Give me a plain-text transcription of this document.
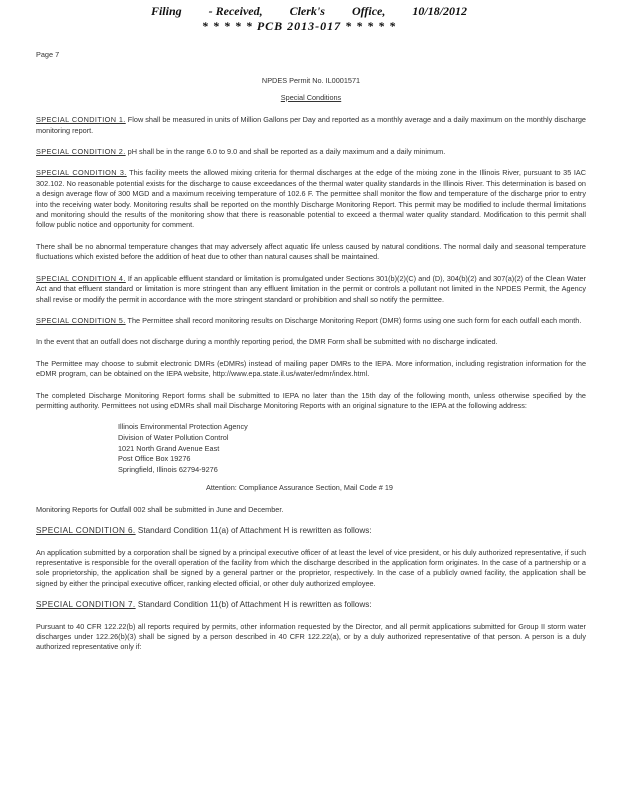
Filing - Received, Clerk's Office, 10/18/2012
* * * * * PCB 2013-017 * * * * *
Page 7
NPDES Permit No. IL0001571
Special Conditions

SPECIAL CONDITION 1. Flow shall be measured in units of Million Gallons per Day and reported as a monthly average and a daily maximum on the monthly discharge monitoring report.

SPECIAL CONDITION 2. pH shall be in the range 6.0 to 9.0 and shall be reported as a daily maximum and a daily minimum.

SPECIAL CONDITION 3. This facility meets the allowed mixing criteria for thermal discharges at the edge of the mixing zone in the Illinois River, pursuant to 35 IAC 302.102. No reasonable potential exists for the discharge to cause exceedances of the thermal water quality standards in the Illinois River. This determination is based on a design average flow of 300 MGD and a maximum receiving temperature of 102.6 F. The permittee shall monitor the flow and temperature of the discharge prior to entry into the receiving water body. Monitoring results shall be reported on the monthly Discharge Monitoring Report. This permit may be modified to include thermal limitations and monitoring should the results of the monitoring show that there is reasonable potential to exceed a thermal water quality standard. Modification to this permit shall follow public notice and opportunity for comment.

There shall be no abnormal temperature changes that may adversely affect aquatic life unless caused by natural conditions. The normal daily and seasonal temperature fluctuations which existed before the addition of heat due to other than natural causes shall be maintained.

SPECIAL CONDITION 4. If an applicable effluent standard or limitation is promulgated under Sections 301(b)(2)(C) and (D), 304(b)(2) and 307(a)(2) of the Clean Water Act and that effluent standard or limitation is more stringent than any effluent limitation in the permit or controls a pollutant not limited in the NPDES Permit, the Agency shall revise or modify the permit in accordance with the more stringent standard or prohibition and shall so notify the permittee.

SPECIAL CONDITION 5. The Permittee shall record monitoring results on Discharge Monitoring Report (DMR) forms using one such form for each outfall each month.

In the event that an outfall does not discharge during a monthly reporting period, the DMR Form shall be submitted with no discharge indicated.

The Permittee may choose to submit electronic DMRs (eDMRs) instead of mailing paper DMRs to the IEPA. More information, including registration information for the eDMR program, can be obtained on the IEPA website, http://www.epa.state.il.us/water/edmr/index.html.

The completed Discharge Monitoring Report forms shall be submitted to IEPA no later than the 15th day of the following month, unless otherwise specified by the permitting authority. Permittees not using eDMRs shall mail Discharge Monitoring Reports with an original signature to the IEPA at the following address:

Illinois Environmental Protection Agency
Division of Water Pollution Control
1021 North Grand Avenue East
Post Office Box 19276
Springfield, Illinois 62794-9276
Attention: Compliance Assurance Section, Mail Code # 19

Monitoring Reports for Outfall 002 shall be submitted in June and December.

SPECIAL CONDITION 6. Standard Condition 11(a) of Attachment H is rewritten as follows:

An application submitted by a corporation shall be signed by a principal executive officer of at least the level of vice president, or his duly authorized representative, if such representative is responsible for the overall operation of the facility from which the discharge described in the application form originates. In the case of a partnership or a sole proprietorship, the application shall be signed by a general partner or the proprietor, respectively. In the case of a publicly owned facility, the application shall be signed by either the principal executive officer, ranking elected official, or other duly authorized employee.

SPECIAL CONDITION 7. Standard Condition 11(b) of Attachment H is rewritten as follows:

Pursuant to 40 CFR 122.22(b) all reports required by permits, other information requested by the Director, and all permit applications submitted for Group II storm water discharges under 122.26(b)(3) shall be signed by a person described in 40 CFR 122.22(a), or by a duly authorized representative of that person. A person is a duly authorized representative only if:
